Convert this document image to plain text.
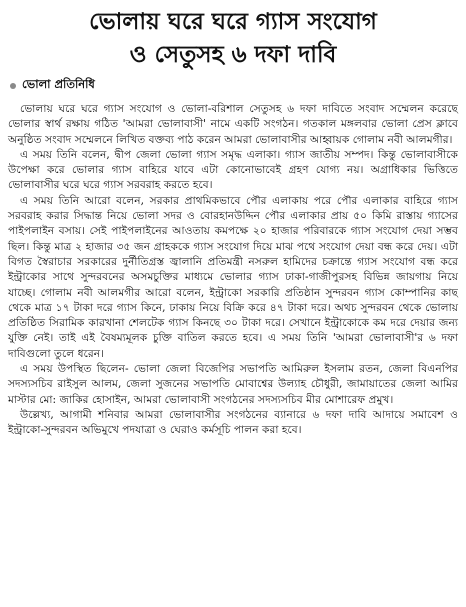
ভোলায় ঘরে ঘরে গ্যাস সংযোগ
ও সেতুসহ ৬ দফা দাবি
ভোলা প্রতিনিধি

ভোলায় ঘরে ঘরে গ্যাস সংযোগ ও ভোলা-বরিশাল সেতুসহ ৬ দফা দাবিতে সংবাদ সম্মেলন করেছে ভোলার স্বার্থ রক্ষায় গঠিত 'আমরা ভোলাবাসী' নামে একটি সংগঠন। গতকাল মঙ্গলবার ভোলা প্রেস ক্লাবে অনুষ্ঠিত সংবাদ সম্মেলনে লিখিত বক্তব্য পাঠ করেন আমরা ভোলাবাসীর আহ্বায়ক গোলাম নবী আলমগীর।

এ সময় তিনি বলেন, দ্বীপ জেলা ভোলা গ্যাস সমৃদ্ধ এলাকা। গ্যাস জাতীয় সম্পদ। কিন্তু ভোলাবাসীকে উপেক্ষা করে ভোলার গ্যাস বাহিরে যাবে এটা কোনোভাবেই গ্রহণ যোগ্য নয়। অগ্রাধিকার ভিত্তিতে ভোলাবাসীর ঘরে ঘরে গ্যাস সরবরাহ করতে হবে।

এ সময় তিনি আরো বলেন, সরকার প্রাথমিকভাবে পৌর এলাকায় পরে পৌর এলাকার বাহিরে গ্যাস সরবরাহ করার সিদ্ধান্ত নিয়ে ভোলা সদর ও বোরহানউদ্দিন পৌর এলাকার প্রায় ৫০ কিমি রাস্তায় গ্যাসের পাইপলাইন বসায়। সেই পাইপলাইনের আওতায় কমপক্ষে ২০ হাজার পরিবারকে গ্যাস সংযোগ দেয়া সম্ভব ছিল। কিন্তু মাত্র ২ হাজার ৩৫ জন গ্রাহককে গ্যাস সংযোগ দিয়ে মাঝ পথে সংযোগ দেয়া বন্ধ করে দেয়। এটা বিগত স্বৈরাচার সরকারের দুর্নীতিগ্রস্ত জ্বালানি প্রতিমন্ত্রী নসরুল হামিদের চক্রান্তে গ্যাস সংযোগ বন্ধ করে ইন্ট্রাকোর সাথে সুন্দরবনের অসমচুক্তির মাধ্যমে ভোলার গ্যাস ঢাকা-গাজীপুরসহ বিভিন্ন জায়গায় নিয়ে যাচ্ছে। গোলাম নবী আলমগীর আরো বলেন, ইন্ট্রাকো সরকারি প্রতিষ্ঠান সুন্দরবন গ্যাস কোম্পানির কাছ থেকে মাত্র ১৭ টাকা দরে গ্যাস কিনে, ঢাকায় নিয়ে বিক্রি করে ৪৭ টাকা দরে। অথচ সুন্দরবন থেকে ভোলায় প্রতিষ্ঠিত সিরামিক কারখানা শেলটেক গ্যাস কিনছে ৩০ টাকা দরে। সেখানে ইন্ট্রাকোকে কম দরে দেয়ার জন্য যুক্তি নেই। তাই এই বৈষম্যমূলক চুক্তি বাতিল করতে হবে। এ সময় তিনি 'আমরা ভোলাবাসী'র ৬ দফা দাবিগুলো তুলে ধরেন।

এ সময় উপস্থিত ছিলেন- ভোলা জেলা বিজেপির সভাপতি আমিরুল ইসলাম রতন, জেলা বিএনপির সদস্যসচিব রাইসুল আলম, জেলা সুজনের সভাপতি মোবাশ্বের উল্যাহ চৌধুরী, জামায়াতের জেলা আমির মাস্টার মো: জাকির হোসাইন, আমরা ভোলাবাসী সংগঠনের সদস্যসচিব মীর মোশারেফ প্রমুখ।

উল্লেখ্য, আগামী শনিবার আমরা ভোলাবাসীর সংগঠনের ব্যানারে ৬ দফা দাবি আদায়ে সমাবেশ ও ইন্ট্রাকো-সুন্দরবন অভিমুখে পদযাত্রা ও ঘেরাও কর্মসূচি পালন করা হবে।
